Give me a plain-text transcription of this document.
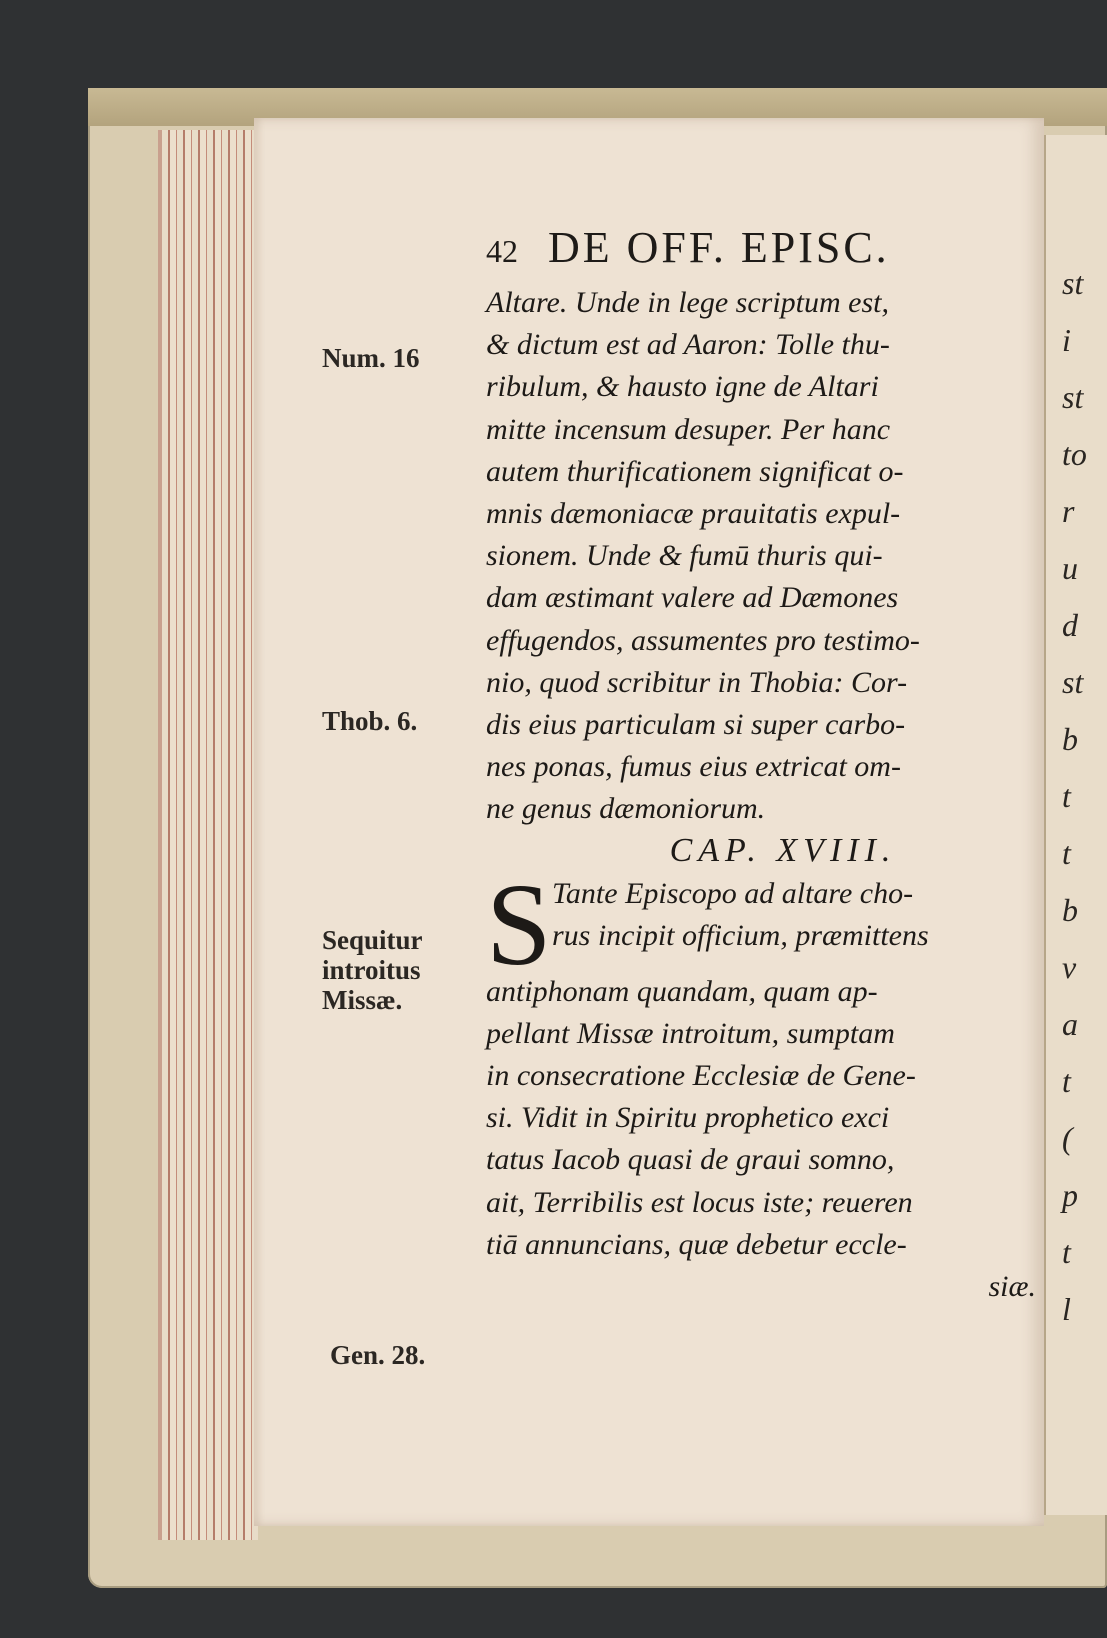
st
i
st
to
r
u
d
st
b
t
t
b
v
a
t
(
p
t
l
42 DE OFF. EPISC.
Num. 16
Thob. 6.
Sequitur
introitus
Missæ.
Gen. 28.
Altare. Unde in lege scriptum est,
& dictum est ad Aaron: Tolle thu-
ribulum, & hausto igne de Altari
mitte incensum desuper. Per hanc
autem thurificationem significat o-
mnis dæmoniacæ prauitatis expul-
sionem. Unde & fumū thuris qui-
dam æstimant valere ad Dæmones
effugendos, assumentes pro testimo-
nio, quod scribitur in Thobia: Cor-
dis eius particulam si super carbo-
nes ponas, fumus eius extricat om-
ne genus dæmoniorum.
CAP. XVIII.
S Tante Episcopo ad altare cho-
rus incipit officium, præmittens
antiphonam quandam, quam ap-
pellant Missæ introitum, sumptam
in consecratione Ecclesiæ de Gene-
si. Vidit in Spiritu prophetico exci
tatus Iacob quasi de graui somno,
ait, Terribilis est locus iste; reueren
tiā annuncians, quæ debetur eccle-
siæ.
